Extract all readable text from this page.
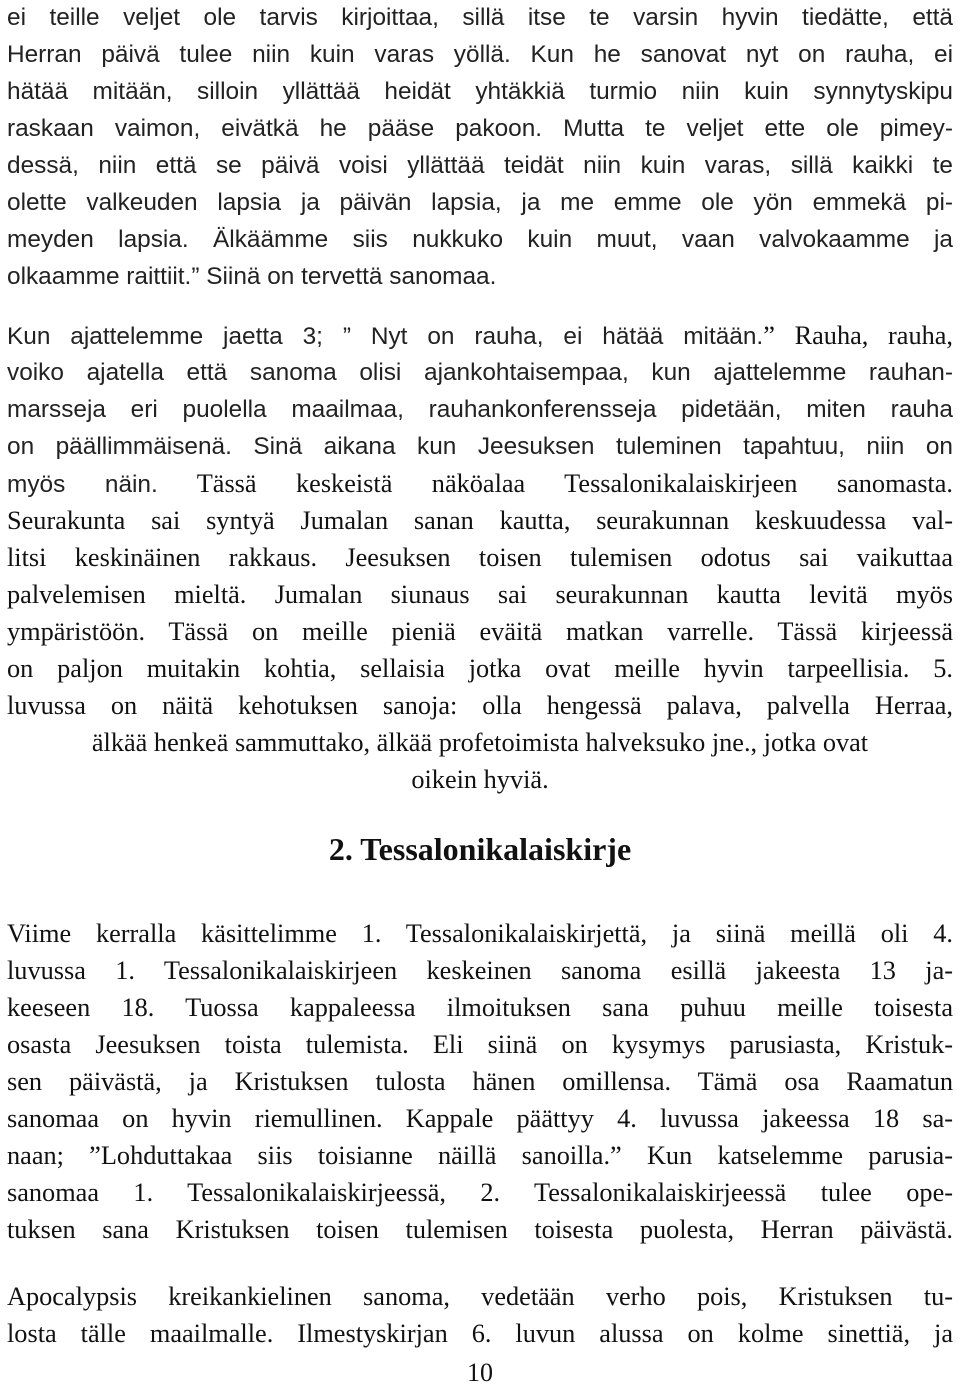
ei teille veljet ole tarvis kirjoittaa, sillä itse te varsin hyvin tiedätte, että
Herran päivä tulee niin kuin varas yöllä. Kun he sanovat nyt on rauha, ei
hätää mitään, silloin yllättää heidät yhtäkkiä turmio niin kuin synnytyskipu
raskaan vaimon, eivätkä he pääse pakoon. Mutta te veljet ette ole pimey-
dessä, niin että se päivä voisi yllättää teidät niin kuin varas, sillä kaikki te
olette valkeuden lapsia ja päivän lapsia, ja me emme ole yön emmekä pi-
meyden lapsia. Älkäämme siis nukkuko kuin muut, vaan valvokaamme ja
olkaamme raittiit.” Siinä on tervettä sanomaa.
Kun ajattelemme jaetta 3; ” Nyt on rauha, ei hätää mitään.” Rauha, rauha,
voiko ajatella että sanoma olisi ajankohtaisempaa, kun ajattelemme rauhan-
marsseja eri puolella maailmaa, rauhankonferensseja pidetään, miten rauha
on päällimmäisenä. Sinä aikana kun Jeesuksen tuleminen tapahtuu, niin on
myös näin. Tässä keskeistä näköalaa Tessalonikalaiskirjeen sanomasta.
Seurakunta sai syntyä Jumalan sanan kautta, seurakunnan keskuudessa val-
litsi keskinäinen rakkaus. Jeesuksen toisen tulemisen odotus sai vaikuttaa
palvelemisen mieltä. Jumalan siunaus sai seurakunnan kautta levitä myös
ympäristöön. Tässä on meille pieniä eväitä matkan varrelle. Tässä kirjeessä
on paljon muitakin kohtia, sellaisia jotka ovat meille hyvin tarpeellisia. 5.
luvussa on näitä kehotuksen sanoja: olla hengessä palava, palvella Herraa,
älkää henkeä sammuttako, älkää profetoimista halveksuko jne., jotka ovat
oikein hyviä.
2. Tessalonikalaiskirje
Viime kerralla käsittelimme 1. Tessalonikalaiskirjettä, ja siinä meillä oli 4.
luvussa 1. Tessalonikalaiskirjeen keskeinen sanoma esillä jakeesta 13 ja-
keeseen 18. Tuossa kappaleessa ilmoituksen sana puhuu meille toisesta
osasta Jeesuksen toista tulemista. Eli siinä on kysymys parusiasta, Kristuk-
sen päivästä, ja Kristuksen tulosta hänen omillensa. Tämä osa Raamatun
sanomaa on hyvin riemullinen. Kappale päättyy 4. luvussa jakeessa 18 sa-
naan; ”Lohduttakaa siis toisianne näillä sanoilla.” Kun katselemme parusia-
sanomaa 1. Tessalonikalaiskirjeessä, 2. Tessalonikalaiskirjeessä tulee ope-
tuksen sana Kristuksen toisen tulemisen toisesta puolesta, Herran päivästä.
Apocalypsis kreikankielinen sanoma, vedetään verho pois, Kristuksen tu-
losta tälle maailmalle. Ilmestyskirjan 6. luvun alussa on kolme sinettiä, ja
10
